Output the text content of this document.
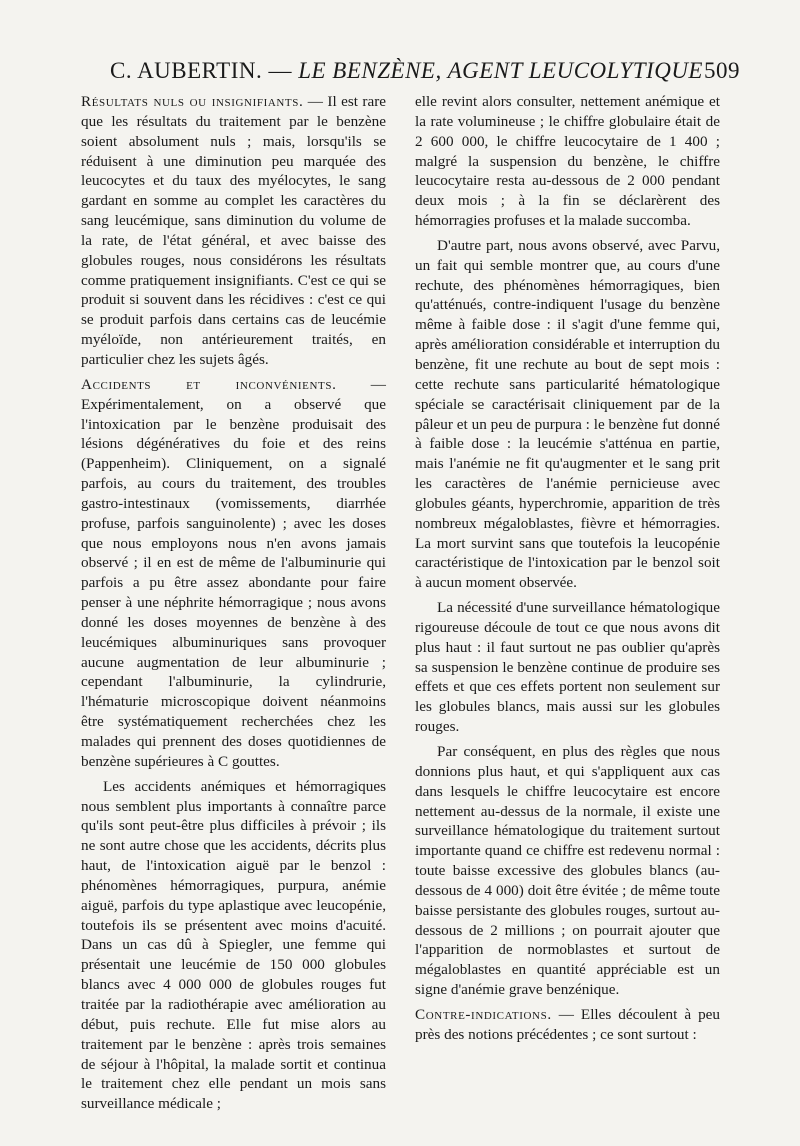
C. AUBERTIN. — LE BENZÈNE, AGENT LEUCOLYTIQUE 509

Résultats nuls ou insignifiants. — Il est rare que les résultats du traitement par le benzène soient absolument nuls ; mais, lorsqu'ils se réduisent à une diminution peu marquée des leucocytes et du taux des myélocytes, le sang gardant en somme au complet les caractères du sang leucémique, sans diminution du volume de la rate, de l'état général, et avec baisse des globules rouges, nous considérons les résultats comme pratiquement insignifiants. C'est ce qui se produit si souvent dans les récidives : c'est ce qui se produit parfois dans certains cas de leucémie myéloïde, non antérieurement traités, en particulier chez les sujets âgés.

Accidents et inconvénients. — Expérimentalement, on a observé que l'intoxication par le benzène produisait des lésions dégénératives du foie et des reins (Pappenheim). Cliniquement, on a signalé parfois, au cours du traitement, des troubles gastro-intestinaux (vomissements, diarrhée profuse, parfois sanguinolente) ; avec les doses que nous employons nous n'en avons jamais observé ; il en est de même de l'albuminurie qui parfois a pu être assez abondante pour faire penser à une néphrite hémorragique ; nous avons donné les doses moyennes de benzène à des leucémiques albuminuriques sans provoquer aucune augmentation de leur albuminurie ; cependant l'albuminurie, la cylindrurie, l'hématurie microscopique doivent néanmoins être systématiquement recherchées chez les malades qui prennent des doses quotidiennes de benzène supérieures à C gouttes.

Les accidents anémiques et hémorragiques nous semblent plus importants à connaître parce qu'ils sont peut-être plus difficiles à prévoir ; ils ne sont autre chose que les accidents, décrits plus haut, de l'intoxication aiguë par le benzol : phénomènes hémorragiques, purpura, anémie aiguë, parfois du type aplastique avec leucopénie, toutefois ils se présentent avec moins d'acuité. Dans un cas dû à Spiegler, une femme qui présentait une leucémie de 150 000 globules blancs avec 4 000 000 de globules rouges fut traitée par la radiothérapie avec amélioration au début, puis rechute. Elle fut mise alors au traitement par le benzène : après trois semaines de séjour à l'hôpital, la malade sortit et continua le traitement chez elle pendant un mois sans surveillance médicale ;

elle revint alors consulter, nettement anémique et la rate volumineuse ; le chiffre globulaire était de 2 600 000, le chiffre leucocytaire de 1 400 ; malgré la suspension du benzène, le chiffre leucocytaire resta au-dessous de 2 000 pendant deux mois ; à la fin se déclarèrent des hémorragies profuses et la malade succomba.

D'autre part, nous avons observé, avec Parvu, un fait qui semble montrer que, au cours d'une rechute, des phénomènes hémorragiques, bien qu'atténués, contre-indiquent l'usage du benzène même à faible dose : il s'agit d'une femme qui, après amélioration considérable et interruption du benzène, fit une rechute au bout de sept mois : cette rechute sans particularité hématologique spéciale se caractérisait cliniquement par de la pâleur et un peu de purpura : le benzène fut donné à faible dose : la leucémie s'atténua en partie, mais l'anémie ne fit qu'augmenter et le sang prit les caractères de l'anémie pernicieuse avec globules géants, hyperchromie, apparition de très nombreux mégaloblastes, fièvre et hémorragies. La mort survint sans que toutefois la leucopénie caractéristique de l'intoxication par le benzol soit à aucun moment observée.

La nécessité d'une surveillance hématologique rigoureuse découle de tout ce que nous avons dit plus haut : il faut surtout ne pas oublier qu'après sa suspension le benzène continue de produire ses effets et que ces effets portent non seulement sur les globules blancs, mais aussi sur les globules rouges.

Par conséquent, en plus des règles que nous donnions plus haut, et qui s'appliquent aux cas dans lesquels le chiffre leucocytaire est encore nettement au-dessus de la normale, il existe une surveillance hématologique du traitement surtout importante quand ce chiffre est redevenu normal : toute baisse excessive des globules blancs (au-dessous de 4 000) doit être évitée ; de même toute baisse persistante des globules rouges, surtout au-dessous de 2 millions ; on pourrait ajouter que l'apparition de normoblastes et surtout de mégaloblastes en quantité appréciable est un signe d'anémie grave benzénique.

Contre-indications. — Elles découlent à peu près des notions précédentes ; ce sont surtout :
